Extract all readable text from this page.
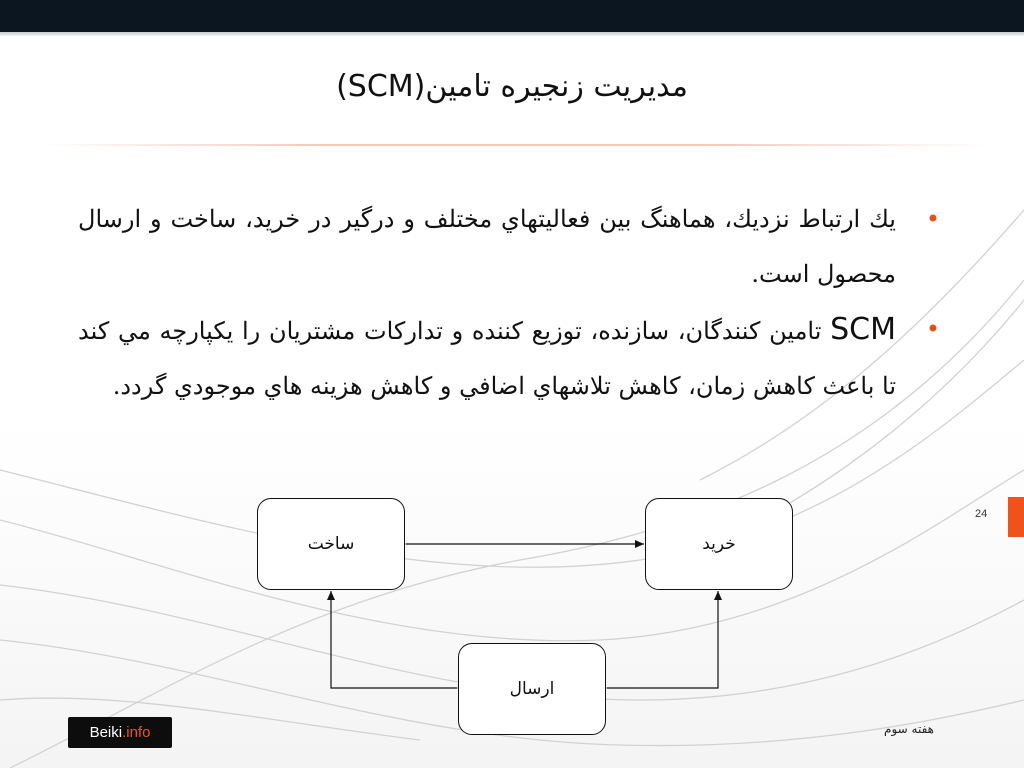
مديريت زنجيره تامين(SCM)
•
يك ارتباط نزديك، هماهنگ بين فعاليتهاي مختلف و درگير در خريد، ساخت و ارسال محصول است.
•
SCM تامين كنندگان، سازنده، توزيع كننده و تداركات مشتريان را يكپارچه مي كند تا باعث كاهش زمان، كاهش تلاشهاي اضافي و كاهش هزينه هاي موجودي گردد.
24
ساخت	خريد
ارسال
Beiki .info	هفته سوم
